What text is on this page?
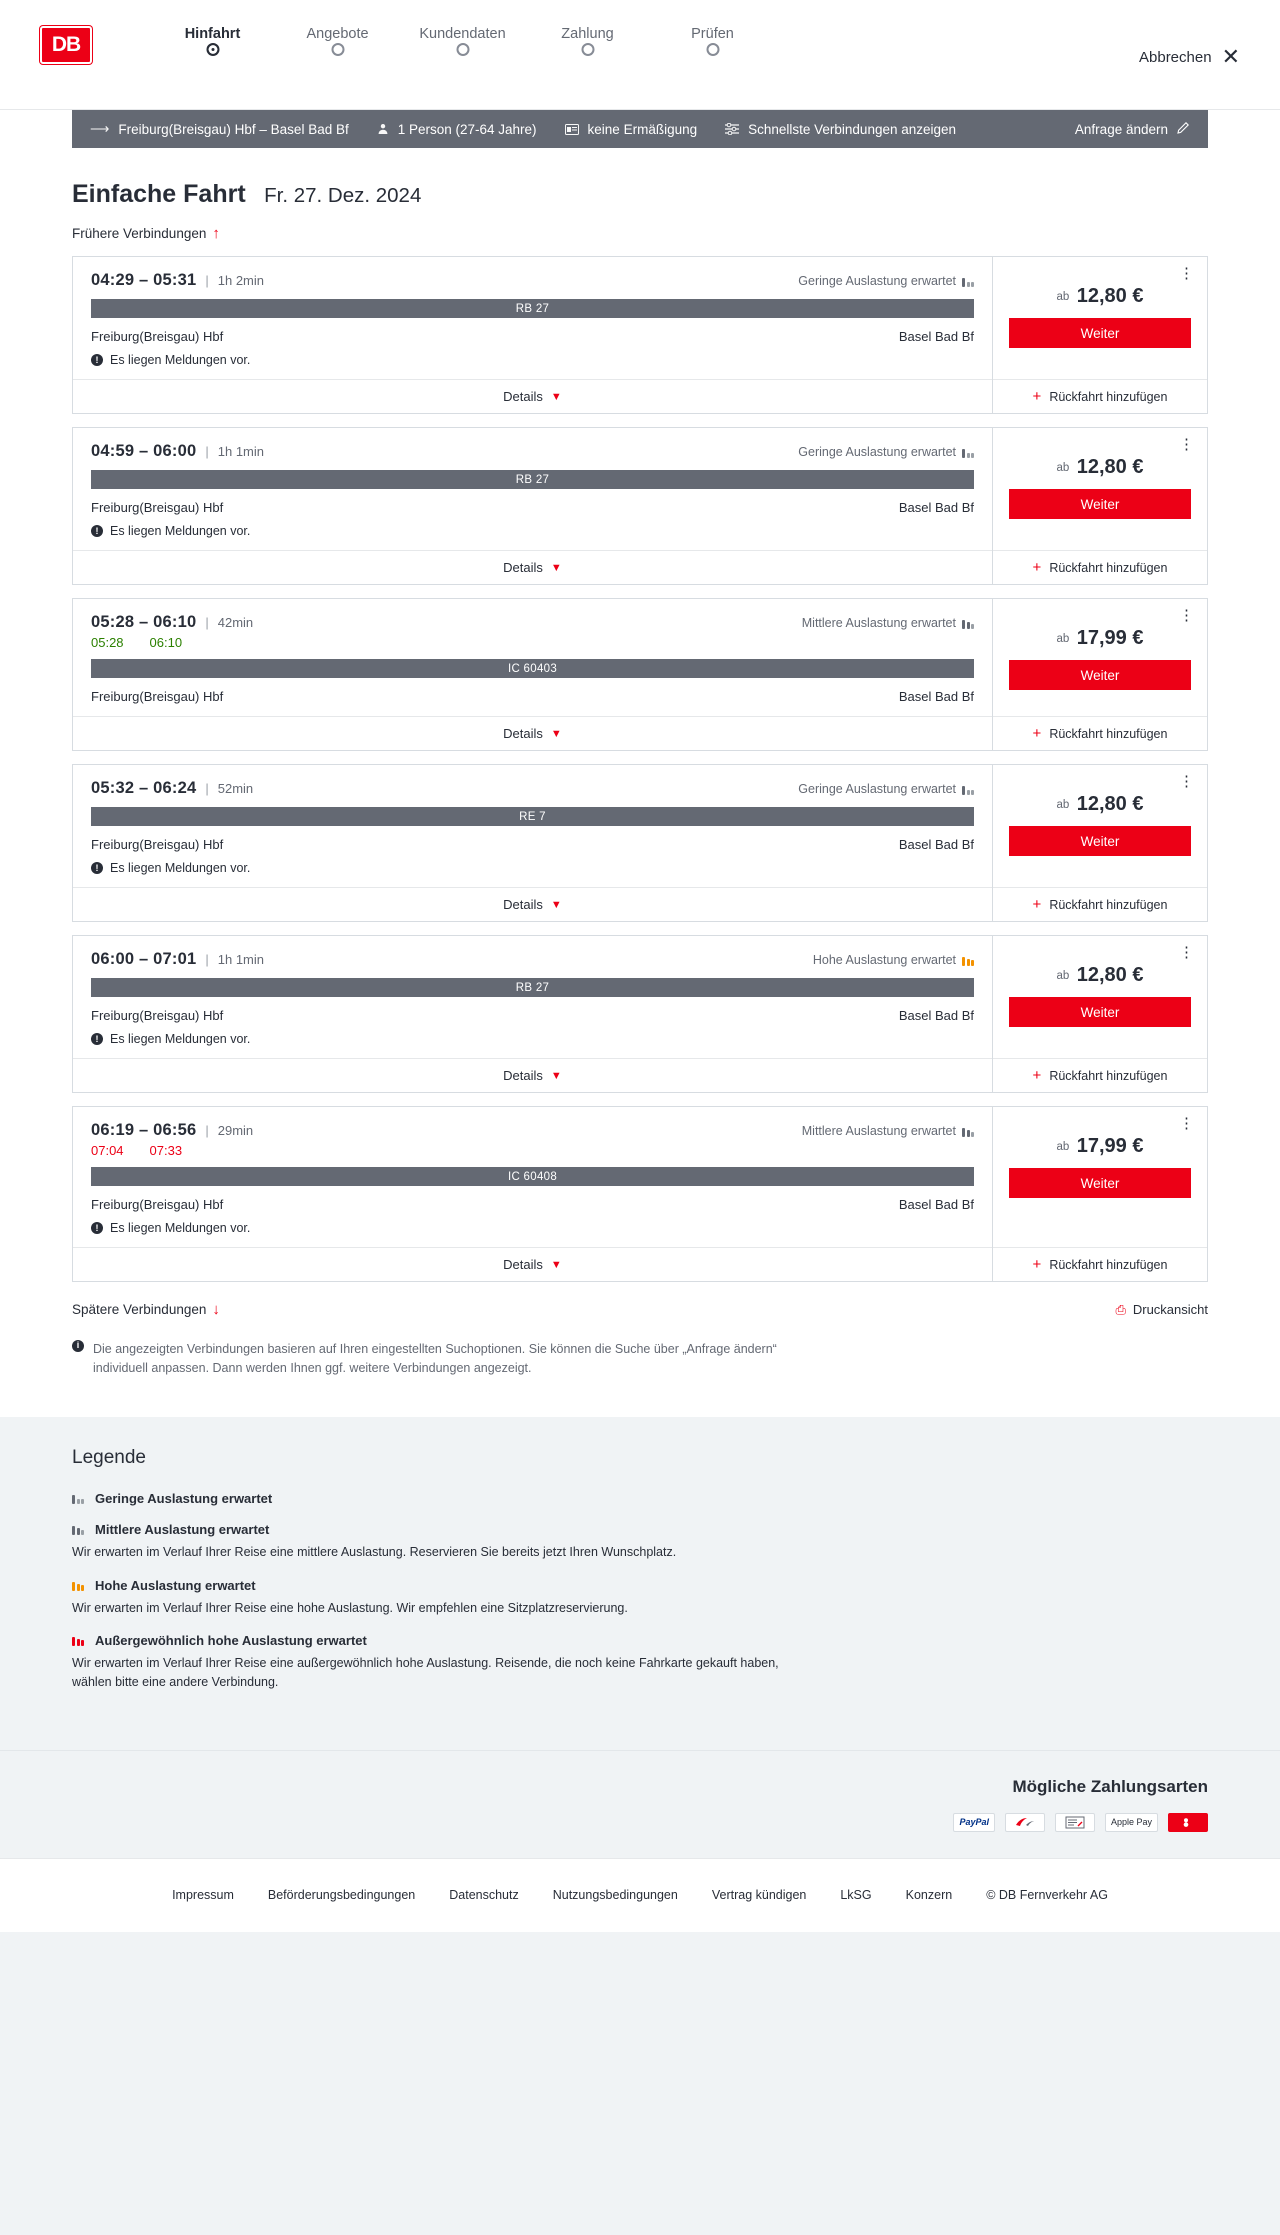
DB	Hinfahrt	Angebote	Kundendaten	Zahlung	Prüfen
Abbrechen ✕
⟶ Freiburg(Breisgau) Hbf – Basel Bad Bf	1 Person (27-64 Jahre)	keine Ermäßigung	Schnellste Verbindungen anzeigen	Anfrage ändern
Einfache Fahrt Fr. 27. Dez. 2024
Frühere Verbindungen ↑
04:29 – 05:31 | 1h 2min	Geringe Auslastung erwartet
RB 27
Freiburg(Breisgau) Hbf	Basel Bad Bf
! Es liegen Meldungen vor.
Details ▼
⋮
ab 12,80 €
Weiter
+ Rückfahrt hinzufügen
04:59 – 06:00 | 1h 1min	Geringe Auslastung erwartet
RB 27
Freiburg(Breisgau) Hbf	Basel Bad Bf
! Es liegen Meldungen vor.
Details ▼
⋮
ab 12,80 €
Weiter
+ Rückfahrt hinzufügen
05:28 – 06:10 | 42min	Mittlere Auslastung erwartet
05:28 06:10
IC 60403
Freiburg(Breisgau) Hbf	Basel Bad Bf
Details ▼
⋮
ab 17,99 €
Weiter
+ Rückfahrt hinzufügen
05:32 – 06:24 | 52min	Geringe Auslastung erwartet
RE 7
Freiburg(Breisgau) Hbf	Basel Bad Bf
! Es liegen Meldungen vor.
Details ▼
⋮
ab 12,80 €
Weiter
+ Rückfahrt hinzufügen
06:00 – 07:01 | 1h 1min	Hohe Auslastung erwartet
RB 27
Freiburg(Breisgau) Hbf	Basel Bad Bf
! Es liegen Meldungen vor.
Details ▼
⋮
ab 12,80 €
Weiter
+ Rückfahrt hinzufügen
06:19 – 06:56 | 29min	Mittlere Auslastung erwartet
07:04 07:33
IC 60408
Freiburg(Breisgau) Hbf	Basel Bad Bf
! Es liegen Meldungen vor.
Details ▼
⋮
ab 17,99 €
Weiter
+ Rückfahrt hinzufügen
Spätere Verbindungen ↓	⎙ Druckansicht
i	Die angezeigten Verbindungen basieren auf Ihren eingestellten Suchoptionen. Sie können die Suche über „Anfrage ändern“ individuell anpassen. Dann werden Ihnen ggf. weitere Verbindungen angezeigt.
Legende
Geringe Auslastung erwartet
Mittlere Auslastung erwartet

Wir erwarten im Verlauf Ihrer Reise eine mittlere Auslastung. Reservieren Sie bereits jetzt Ihren Wunschplatz.

Hohe Auslastung erwartet

Wir erwarten im Verlauf Ihrer Reise eine hohe Auslastung. Wir empfehlen eine Sitzplatzreservierung.

Außergewöhnlich hohe Auslastung erwartet

Wir erwarten im Verlauf Ihrer Reise eine außergewöhnlich hohe Auslastung. Reisende, die noch keine Fahrkarte gekauft haben, wählen bitte eine andere Verbindung.

Mögliche Zahlungsarten
PayPal	Apple Pay
Impressum	Beförderungsbedingungen	Datenschutz	Nutzungsbedingungen	Vertrag kündigen	LkSG	Konzern	© DB Fernverkehr AG
